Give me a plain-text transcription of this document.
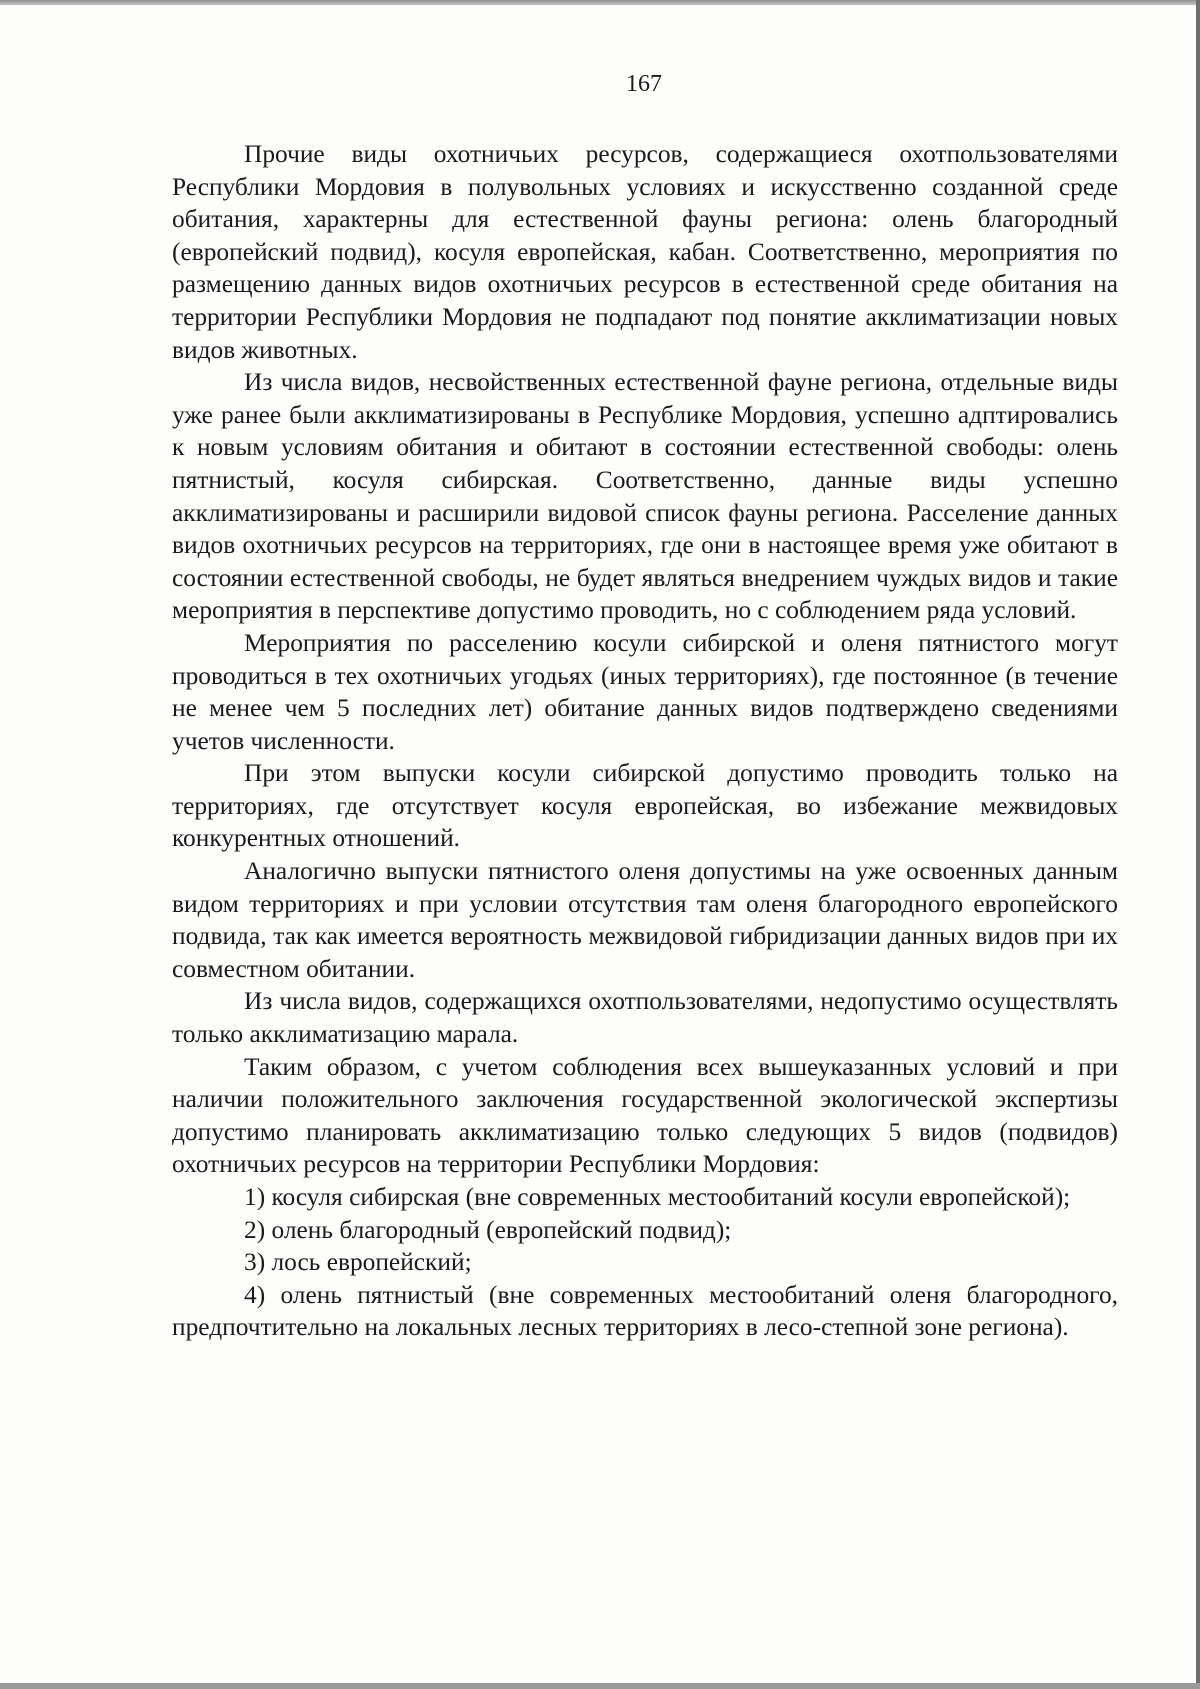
167

Прочие виды охотничьих ресурсов, содержащиеся охотпользователями Республики Мордовия в полувольных условиях и искусственно созданной среде обитания, характерны для естественной фауны региона: олень благородный (европейский подвид), косуля европейская, кабан. Соответственно, мероприятия по размещению данных видов охотничьих ресурсов в естественной среде обитания на территории Республики Мордовия не подпадают под понятие акклиматизации новых видов животных.

Из числа видов, несвойственных естественной фауне региона, отдельные виды уже ранее были акклиматизированы в Республике Мордовия, успешно адптировались к новым условиям обитания и обитают в состоянии естественной свободы: олень пятнистый, косуля сибирская. Соответственно, данные виды успешно акклиматизированы и расширили видовой список фауны региона. Расселение данных видов охотничьих ресурсов на территориях, где они в настоящее время уже обитают в состоянии естественной свободы, не будет являться внедрением чуждых видов и такие мероприятия в перспективе допустимо проводить, но с соблюдением ряда условий.

Мероприятия по расселению косули сибирской и оленя пятнистого могут проводиться в тех охотничьих угодьях (иных территориях), где постоянное (в течение не менее чем 5 последних лет) обитание данных видов подтверждено сведениями учетов численности.

При этом выпуски косули сибирской допустимо проводить только на территориях, где отсутствует косуля европейская, во избежание межвидовых конкурентных отношений.

Аналогично выпуски пятнистого оленя допустимы на уже освоенных данным видом территориях и при условии отсутствия там оленя благородного европейского подвида, так как имеется вероятность межвидовой гибридизации данных видов при их совместном обитании.

Из числа видов, содержащихся охотпользователями, недопустимо осуществлять только акклиматизацию марала.

Таким образом, с учетом соблюдения всех вышеуказанных условий и при наличии положительного заключения государственной экологической экспертизы допустимо планировать акклиматизацию только следующих 5 видов (подвидов) охотничьих ресурсов на территории Республики Мордовия:

1) косуля сибирская (вне современных местообитаний косули европейской);

2) олень благородный (европейский подвид);

3) лось европейский;

4) олень пятнистый (вне современных местообитаний оленя благородного, предпочтительно на локальных лесных территориях в лесо-степной зоне региона).
